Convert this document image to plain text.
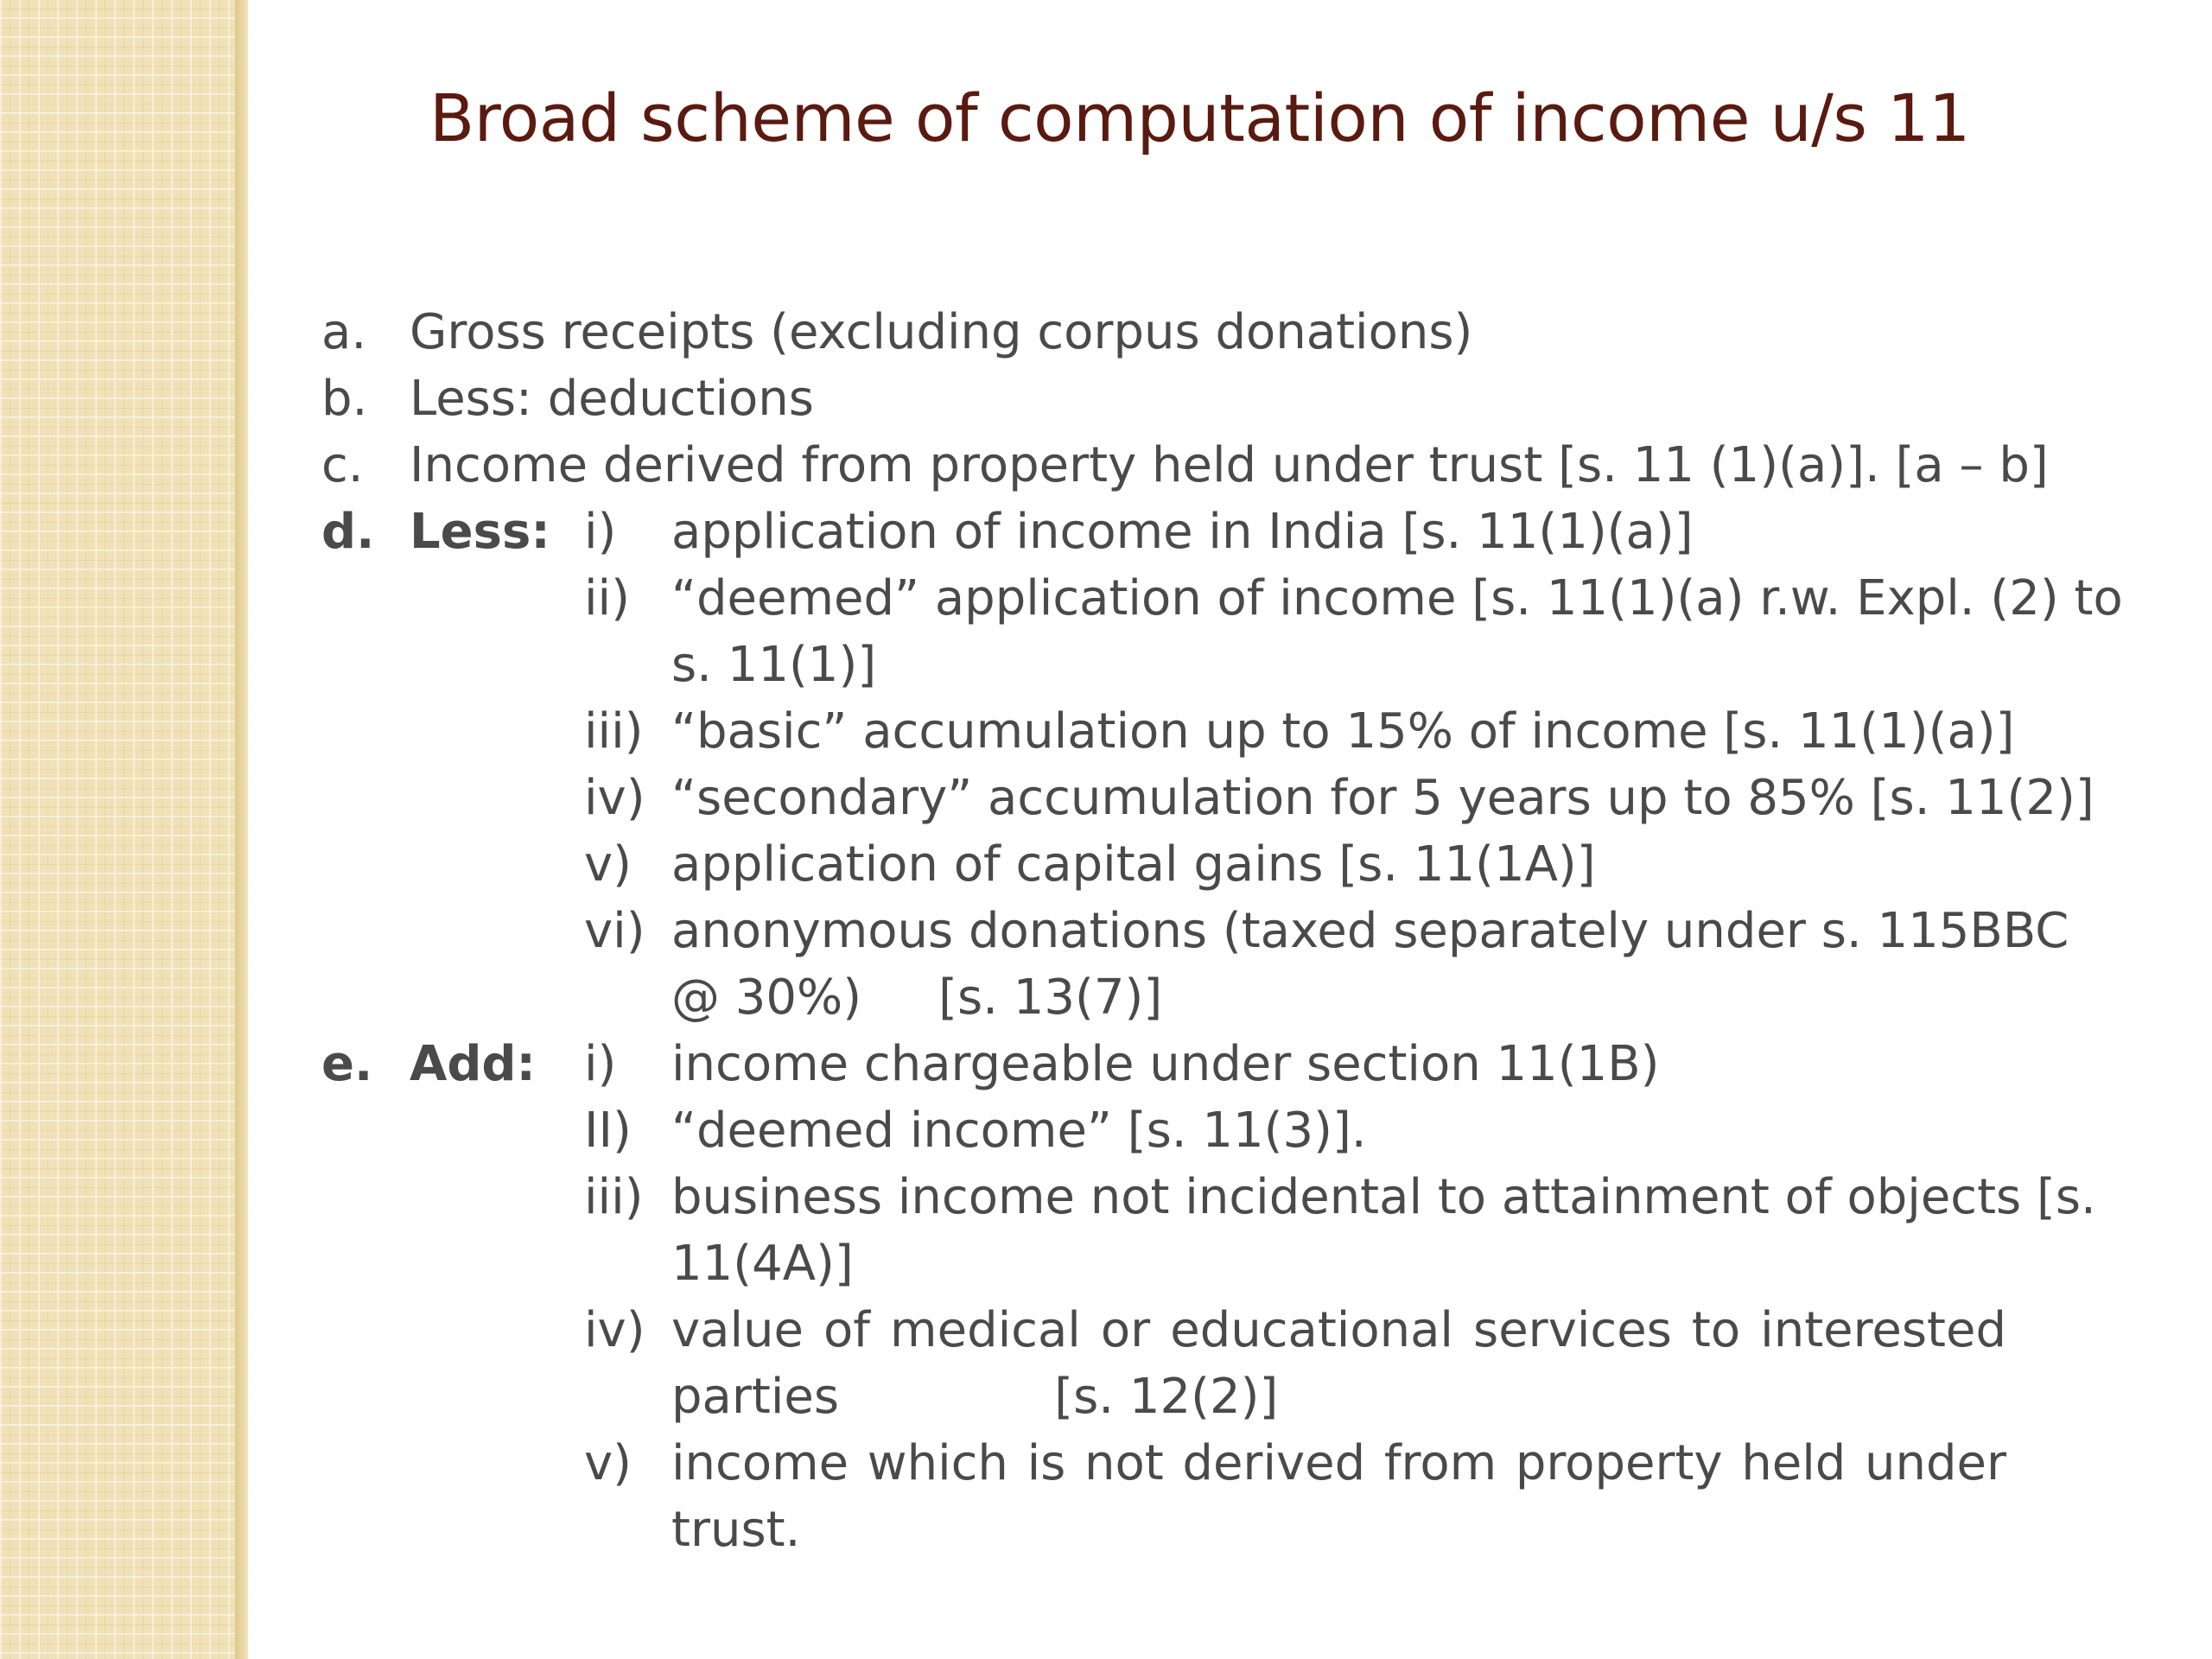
Broad scheme of computation of income u/s 11
a. Gross receipts (excluding corpus donations)
b. Less: deductions
c. Income derived from property held under trust [s. 11 (1)(a)]. [a – b]
d. Less: i)	application of income in India [s. 11(1)(a)]
ii) “deemed” application of income [s. 11(1)(a) r.w. Expl. (2) to
s. 11(1)]
iii) “basic” accumulation up to 15% of income [s. 11(1)(a)]
iv) “secondary” accumulation for 5 years up to 85% [s. 11(2)]
v) application of capital gains [s. 11(1A)]
vi) anonymous donations (taxed separately under s. 115BBC
@ 30%)     [s. 13(7)]
e. Add:	i)	income chargeable under section 11(1B)
II) “deemed income” [s. 11(3)].
iii) business income not incidental to attainment of objects [s.
11(4A)]
iv) value of medical or educational services to interested
parties              [s. 12(2)]
v) income which is not derived from property held under
trust.
